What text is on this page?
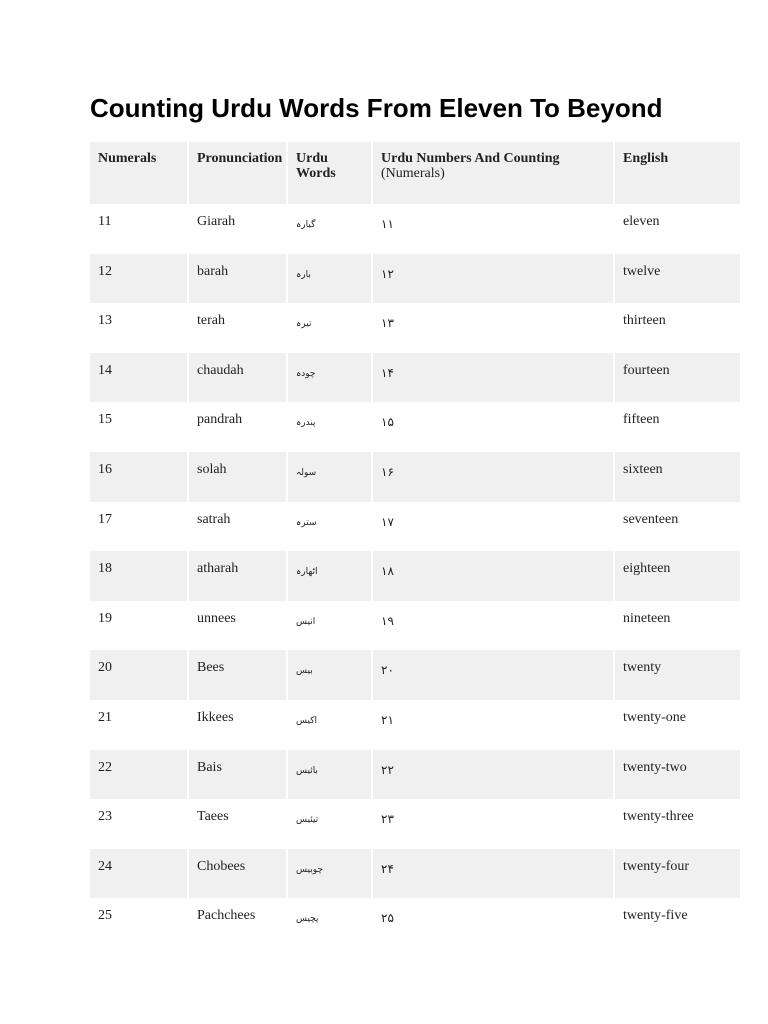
Counting Urdu Words From Eleven To Beyond
Numerals	Pronunciation	Urdu Words	Urdu Numbers And Counting (Numerals)	English
11	Giarah	گیارہ	١١	eleven
12	barah	بارہ	١٢	twelve
13	terah	تیرہ	١٣	thirteen
14	chaudah	چودہ	١۴	fourteen
15	pandrah	پندرہ	١۵	fifteen
16	solah	سولہ	١۶	sixteen
17	satrah	سترہ	١٧	seventeen
18	atharah	اٹھارہ	١٨	eighteen
19	unnees	انیس	١٩	nineteen
20	Bees	بیس	٢٠	twenty
21	Ikkees	اکیس	٢١	twenty-one
22	Bais	بائیس	٢٢	twenty-two
23	Taees	تیئیس	٢٣	twenty-three
24	Chobees	چوبیس	٢۴	twenty-four
25	Pachchees	پچیس	٢۵	twenty-five
